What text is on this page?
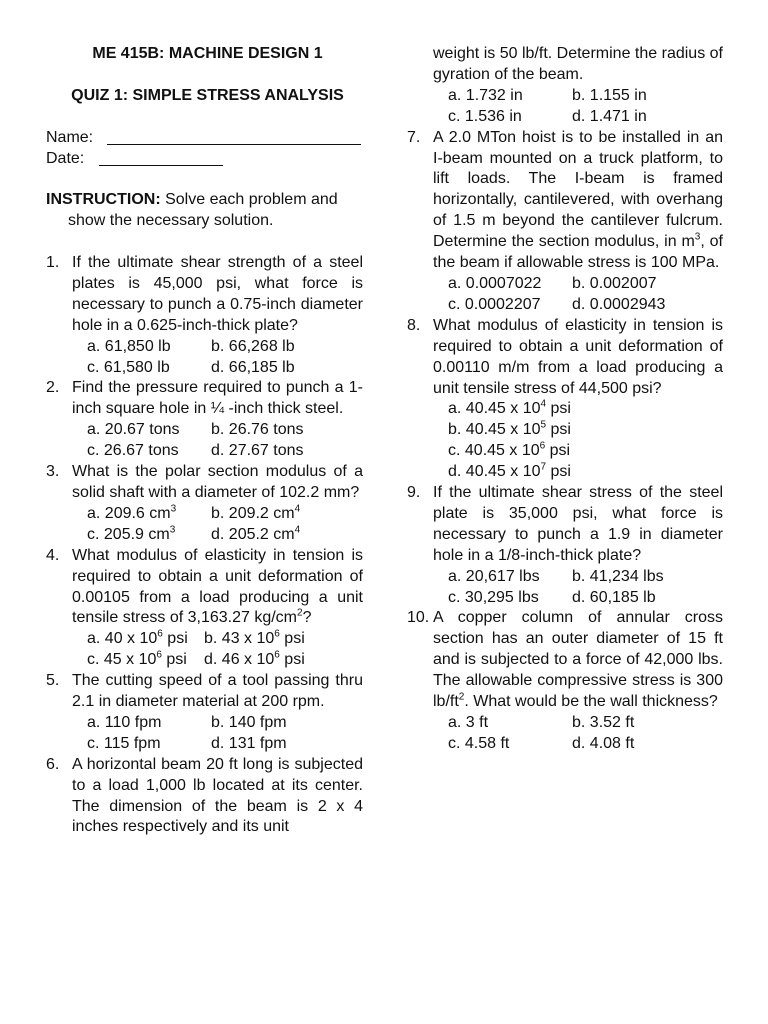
ME 415B: MACHINE DESIGN 1
QUIZ 1: SIMPLE STRESS ANALYSIS
Name:
Date:
INSTRUCTION: Solve each problem and
show the necessary solution.
1. If the ultimate shear strength of a steel plates is 45,000 psi, what force is necessary to punch a 0.75-inch diameter hole in a 0.625-inch-thick plate?
a. 61,850 lb	b. 66,268 lb
c. 61,580 lb	d. 66,185 lb
2. Find the pressure required to punch a 1-inch square hole in ¼ -inch thick steel.
a. 20.67 tons	b. 26.76 tons
c. 26.67 tons	d. 27.67 tons
3. What is the polar section modulus of a solid shaft with a diameter of 102.2 mm?
a. 209.6 $cm^3$	b. 209.2 $cm^4$
c. 205.9 $cm^3$	d. 205.2 $cm^4$
4. What modulus of elasticity in tension is required to obtain a unit deformation of 0.00105 from a load producing a unit tensile stress of 3,163.27 $kg/cm^2$?
a. 40 x $10^6$ psi	b. 43 x $10^6$ psi
c. 45 x $10^6$ psi	d. 46 x $10^6$ psi
5. The cutting speed of a tool passing thru 2.1 in diameter material at 200 rpm.
a. 110 fpm	b. 140 fpm
c. 115 fpm	d. 131 fpm
6. A horizontal beam 20 ft long is subjected to a load 1,000 lb located at its center. The dimension of the beam is 2 x 4 inches respectively and its unit
weight is 50 lb/ft. Determine the radius of gyration of the beam.
a. 1.732 in	b. 1.155 in
c. 1.536 in	d. 1.471 in
7. A 2.0 MTon hoist is to be installed in an I-beam mounted on a truck platform, to lift loads. The I-beam is framed horizontally, cantilevered, with overhang of 1.5 m beyond the cantilever fulcrum. Determine the section modulus, in $m^3$, of the beam if allowable stress is 100 MPa.
a. 0.0007022	b. 0.002007
c. 0.0002207	d. 0.0002943
8. What modulus of elasticity in tension is required to obtain a unit deformation of 0.00110 m/m from a load producing a unit tensile stress of 44,500 psi?
a. 40.45 x $10^4$ psi
b. 40.45 x $10^5$ psi
c. 40.45 x $10^6$ psi
d. 40.45 x $10^7$ psi
9. If the ultimate shear stress of the steel plate is 35,000 psi, what force is necessary to punch a 1.9 in diameter hole in a 1/8-inch-thick plate?
a. 20,617 lbs	b. 41,234 lbs
c. 30,295 lbs	d. 60,185 lb
10. A copper column of annular cross section has an outer diameter of 15 ft and is subjected to a force of 42,000 lbs. The allowable compressive stress is 300 $lb/ft^2$. What would be the wall thickness?
a. 3 ft	b. 3.52 ft
c. 4.58 ft	d. 4.08 ft
